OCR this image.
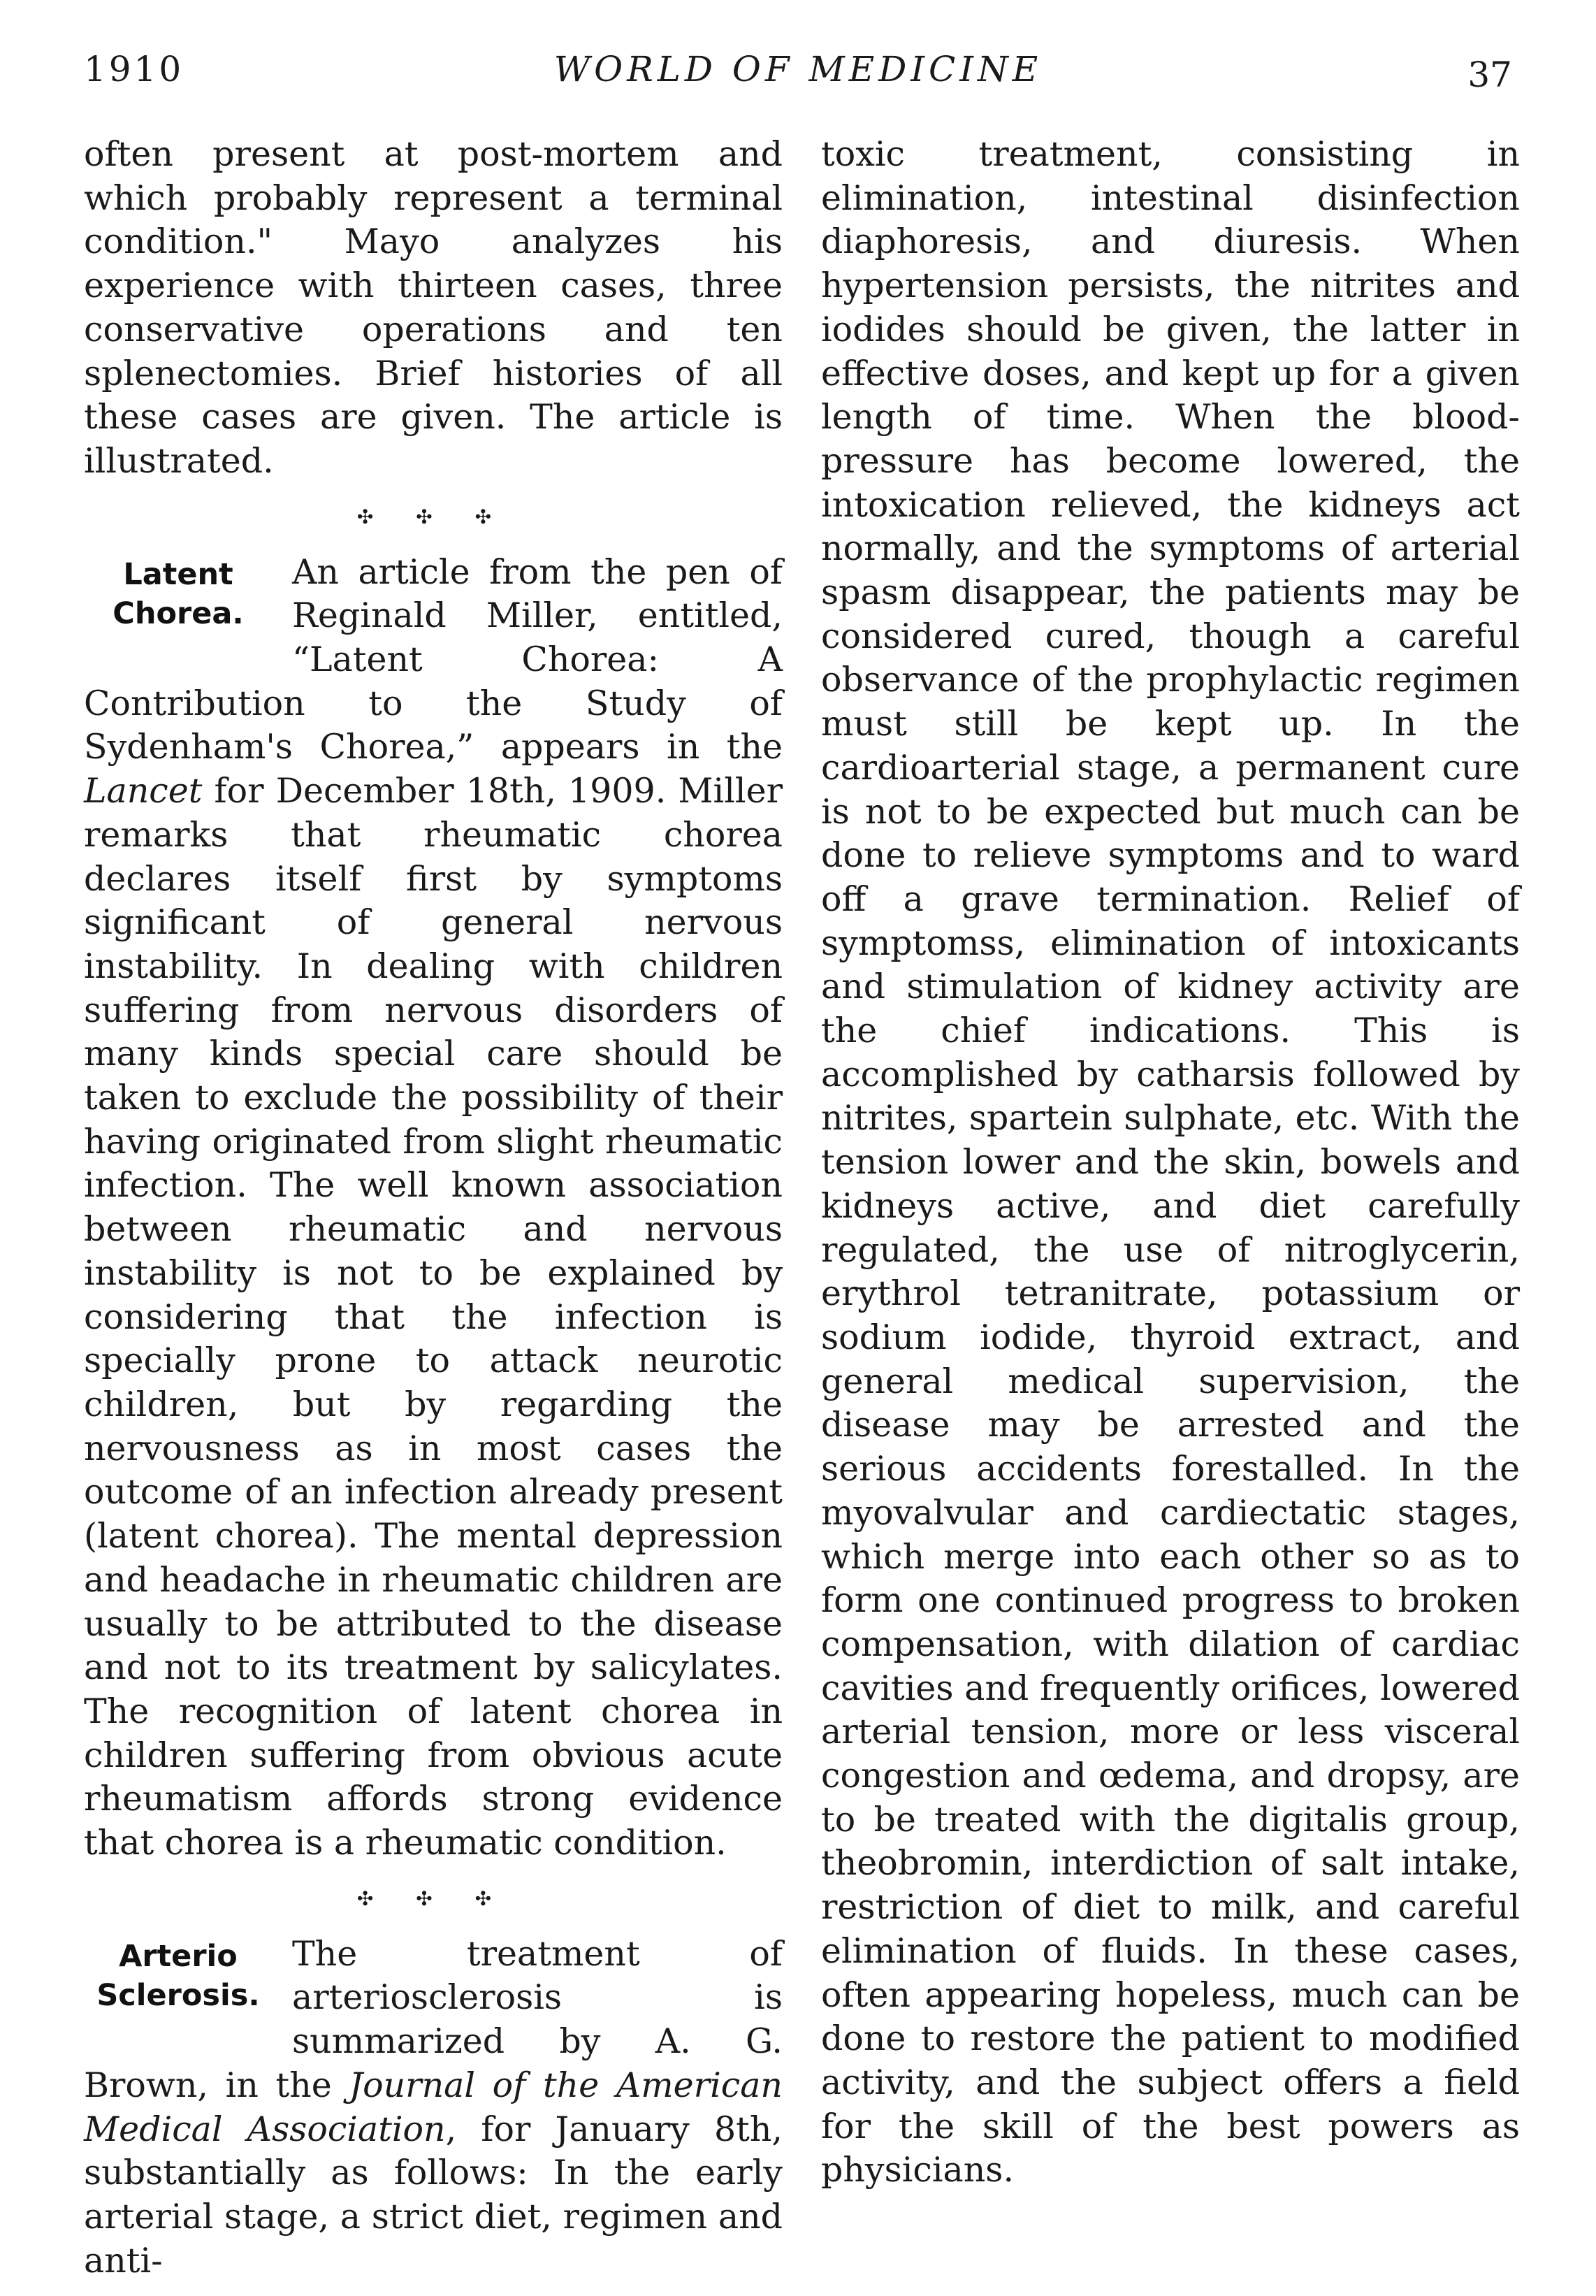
1910	WORLD OF MEDICINE	37

often present at post-mortem and which probably represent a terminal condition." Mayo analyzes his experience with thirteen cases, three conservative operations and ten splenectomies. Brief histories of all these cases are given. The article is illustrated.

✣ ✣ ✣
Latent Chorea.

An article from the pen of Reginald Miller, entitled, “Latent Chorea: A Contribution to the Study of Sydenham's Chorea,” appears in the Lancet for December 18th, 1909. Miller remarks that rheumatic chorea declares itself first by symptoms significant of general nervous instability. In dealing with children suffering from nervous disorders of many kinds special care should be taken to exclude the possibility of their having originated from slight rheumatic infection. The well known association between rheumatic and nervous instability is not to be explained by considering that the infection is specially prone to attack neurotic children, but by regarding the nervousness as in most cases the outcome of an infection already present (latent chorea). The mental depression and headache in rheumatic children are usually to be attributed to the disease and not to its treatment by salicylates. The recognition of latent chorea in children suffering from obvious acute rheumatism affords strong evidence that chorea is a rheumatic condition.

✣ ✣ ✣
Arterio Sclerosis.

The treatment of arteriosclerosis is summarized by A. G. Brown, in the Journal of the American Medical Association, for January 8th, substantially as follows: In the early arterial stage, a strict diet, regimen and anti-

toxic treatment, consisting in elimination, intestinal disinfection diaphoresis, and diuresis. When hypertension persists, the nitrites and iodides should be given, the latter in effective doses, and kept up for a given length of time. When the blood-pressure has become lowered, the intoxication relieved, the kidneys act normally, and the symptoms of arterial spasm disappear, the patients may be considered cured, though a careful observance of the prophylactic regimen must still be kept up. In the cardioarterial stage, a permanent cure is not to be expected but much can be done to relieve symptoms and to ward off a grave termination. Relief of symptomss, elimination of intoxicants and stimulation of kidney activity are the chief indications. This is accomplished by catharsis followed by nitrites, spartein sulphate, etc. With the tension lower and the skin, bowels and kidneys active, and diet carefully regulated, the use of nitroglycerin, erythrol tetranitrate, potassium or sodium iodide, thyroid extract, and general medical supervision, the disease may be arrested and the serious accidents forestalled. In the myovalvular and cardiectatic stages, which merge into each other so as to form one continued progress to broken compensation, with dilation of cardiac cavities and frequently orifices, lowered arterial tension, more or less visceral congestion and œdema, and dropsy, are to be treated with the digitalis group, theobromin, interdiction of salt intake, restriction of diet to milk, and careful elimination of fluids. In these cases, often appearing hopeless, much can be done to restore the patient to modified activity, and the subject offers a field for the skill of the best powers as physicians.
